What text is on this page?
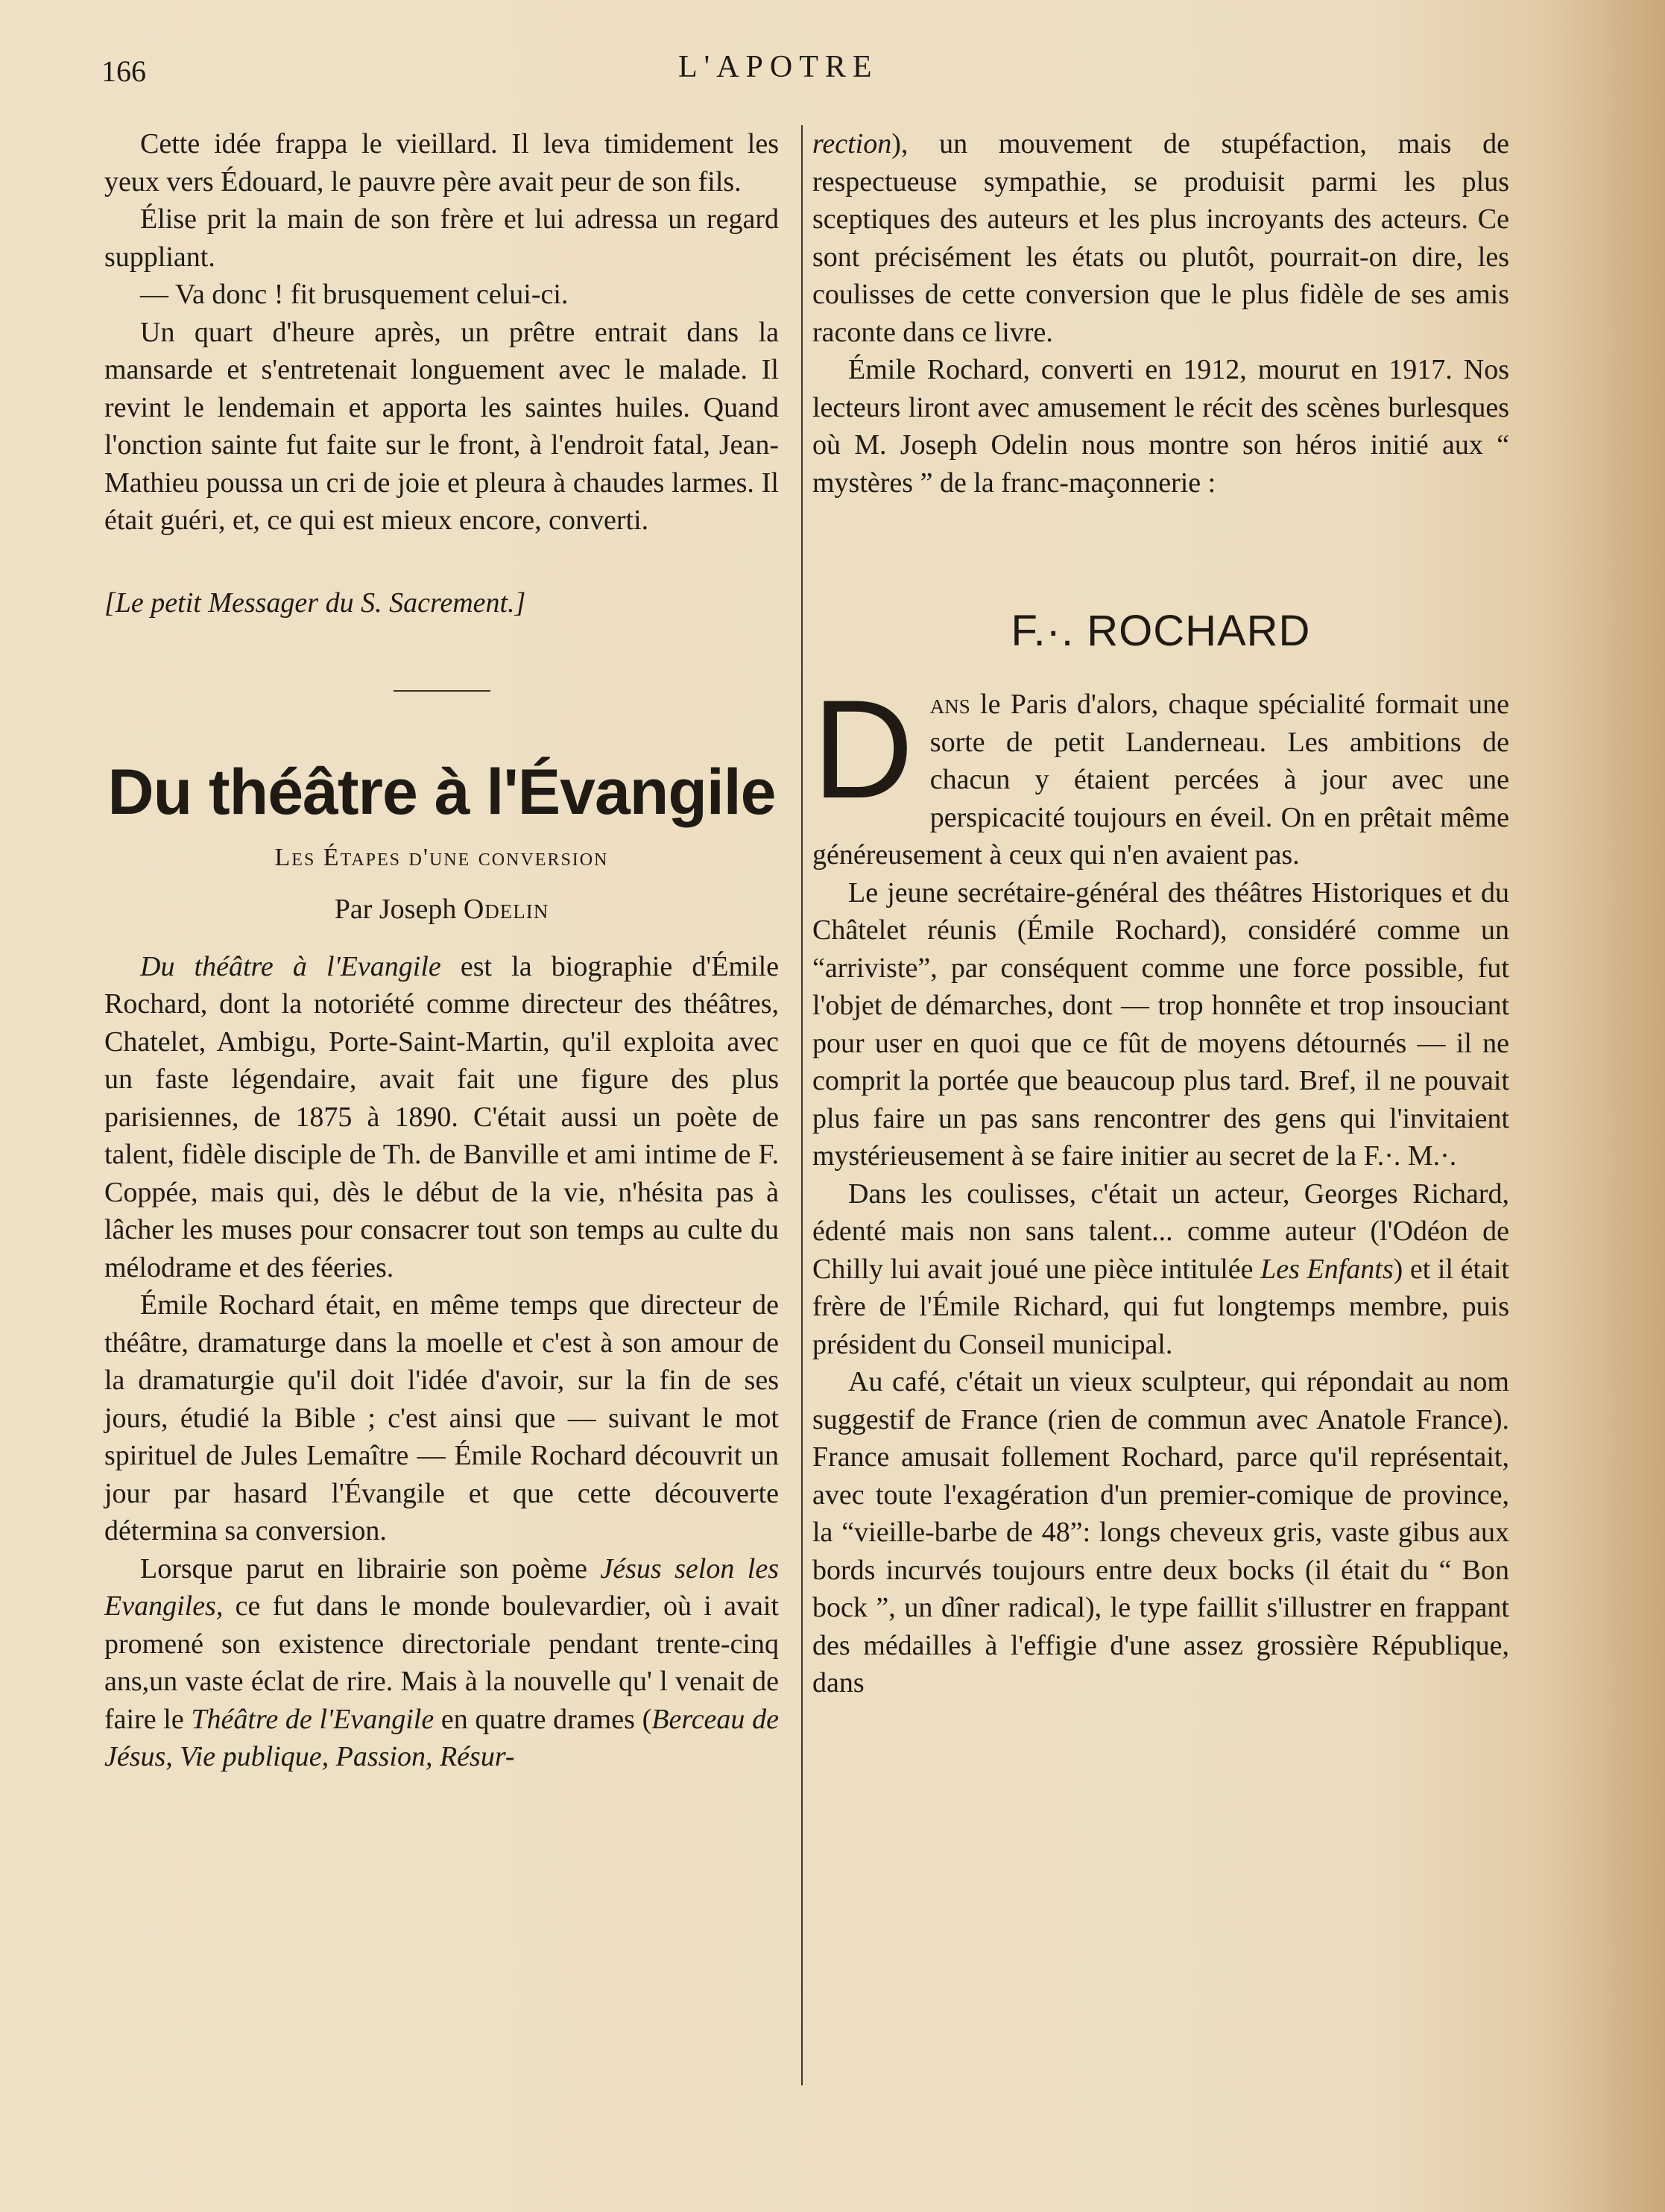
166	L'APOTRE

Cette idée frappa le vieillard. Il leva timidement les yeux vers Édouard, le pauvre père avait peur de son fils.

Élise prit la main de son frère et lui adressa un regard suppliant.

— Va donc ! fit brusquement celui-ci.

Un quart d'heure après, un prêtre entrait dans la mansarde et s'entretenait longuement avec le malade. Il revint le lendemain et apporta les saintes huiles. Quand l'onction sainte fut faite sur le front, à l'endroit fatal, Jean-Mathieu poussa un cri de joie et pleura à chaudes larmes. Il était guéri, et, ce qui est mieux encore, converti.

[Le petit Messager du S. Sacrement.]

Du théâtre à l'Évangile
Les Étapes d'une conversion
Par Joseph Odelin

Du théâtre à l'Evangile est la biographie d'Émile Rochard, dont la notoriété comme directeur des théâtres, Chatelet, Ambigu, Porte-Saint-Martin, qu'il exploita avec un faste légendaire, avait fait une figure des plus parisiennes, de 1875 à 1890. C'était aussi un poète de talent, fidèle disciple de Th. de Banville et ami intime de F. Coppée, mais qui, dès le début de la vie, n'hésita pas à lâcher les muses pour consacrer tout son temps au culte du mélodrame et des féeries.

Émile Rochard était, en même temps que directeur de théâtre, dramaturge dans la moelle et c'est à son amour de la dramaturgie qu'il doit l'idée d'avoir, sur la fin de ses jours, étudié la Bible ; c'est ainsi que — suivant le mot spirituel de Jules Lemaître — Émile Rochard découvrit un jour par hasard l'Évangile et que cette découverte détermina sa conversion.

Lorsque parut en librairie son poème Jésus selon les Evangiles, ce fut dans le monde boulevardier, où i avait promené son existence directoriale pendant trente-cinq ans,un vaste éclat de rire. Mais à la nouvelle qu' l venait de faire le Théâtre de l'Evangile en quatre drames (Berceau de Jésus, Vie publique, Passion, Résur-

rection), un mouvement de stupéfaction, mais de respectueuse sympathie, se produisit parmi les plus sceptiques des auteurs et les plus incroyants des acteurs. Ce sont précisément les états ou plutôt, pourrait-on dire, les coulisses de cette conversion que le plus fidèle de ses amis raconte dans ce livre.

Émile Rochard, converti en 1912, mourut en 1917. Nos lecteurs liront avec amusement le récit des scènes burlesques où M. Joseph Odelin nous montre son héros initié aux “ mystères ” de la franc-maçonnerie :

F.·. ROCHARD
D ans le Paris d'alors, chaque spécialité formait une sorte de petit Landerneau. Les ambitions de chacun y étaient percées à jour avec une perspicacité toujours en éveil. On en prêtait même généreusement à ceux qui n'en avaient pas.

Le jeune secrétaire-général des théâtres Historiques et du Châtelet réunis (Émile Rochard), considéré comme un “arriviste”, par conséquent comme une force possible, fut l'objet de démarches, dont — trop honnête et trop insouciant pour user en quoi que ce fût de moyens détournés — il ne comprit la portée que beaucoup plus tard. Bref, il ne pouvait plus faire un pas sans rencontrer des gens qui l'invitaient mystérieusement à se faire initier au secret de la F.·. M.·.

Dans les coulisses, c'était un acteur, Georges Richard, édenté mais non sans talent... comme auteur (l'Odéon de Chilly lui avait joué une pièce intitulée Les Enfants) et il était frère de l'Émile Richard, qui fut longtemps membre, puis président du Conseil municipal.

Au café, c'était un vieux sculpteur, qui répondait au nom suggestif de France (rien de commun avec Anatole France). France amusait follement Rochard, parce qu'il représentait, avec toute l'exagération d'un premier-comique de province, la “vieille-barbe de 48”: longs cheveux gris, vaste gibus aux bords incurvés toujours entre deux bocks (il était du “ Bon bock ”, un dîner radical), le type faillit s'illustrer en frappant des médailles à l'effigie d'une assez grossière République, dans
